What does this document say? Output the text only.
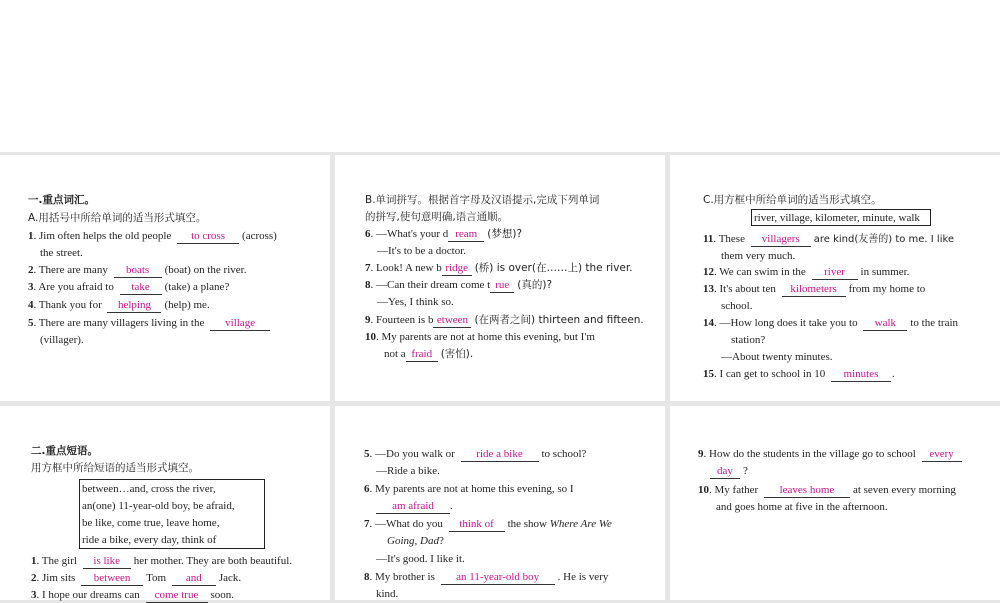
一.重点词汇。
A.用括号中所给单词的适当形式填空。
1. Jim often helps the old people to cross (across)
the street.
2. There are many boats (boat) on the river.
3. Are you afraid to take (take) a plane?
4. Thank you for helping (help) me.
5. There are many villagers living in the village
(villager).
B.单词拼写。根据首字母及汉语提示,完成下列单词
的拼写,使句意明确,语言通顺。
6. —What's your d ream (梦想)?
—It's to be a doctor.
7. Look! A new b ridge (桥) is over(在……上) the river.
8. —Can their dream come t rue (真的)?
—Yes, I think so.
9. Fourteen is b etween (在两者之间) thirteen and fifteen.
10. My parents are not at home this evening, but I'm
not a fraid (害怕).
C.用方框中所给单词的适当形式填空。
river, village, kilometer, minute, walk
11. These villagers are kind(友善的) to me. I like
them very much.
12. We can swim in the river in summer.
13. It's about ten kilometers from my home to
school.
14. —How long does it take you to walk to the train
station?
—About twenty minutes.
15. I can get to school in 10 minutes .
二.重点短语。
用方框中所给短语的适当形式填空。
between…and, cross the river,
an(one) 11-year-old boy, be afraid,
be like, come true, leave home,
ride a bike, every day, think of
1. The girl is like her mother. They are both beautiful.
2. Jim sits between Tom and Jack.
3. I hope our dreams can come true soon.
5. —Do you walk or ride a bike to school?
—Ride a bike.
6. My parents are not at home this evening, so I
am afraid .
7. —What do you think of the show Where Are We
Going, Dad?
—It's good. I like it.
8. My brother is an 11-year-old boy . He is very
kind.
9. How do the students in the village go to school every
day ?
10. My father leaves home at seven every morning
and goes home at five in the afternoon.
